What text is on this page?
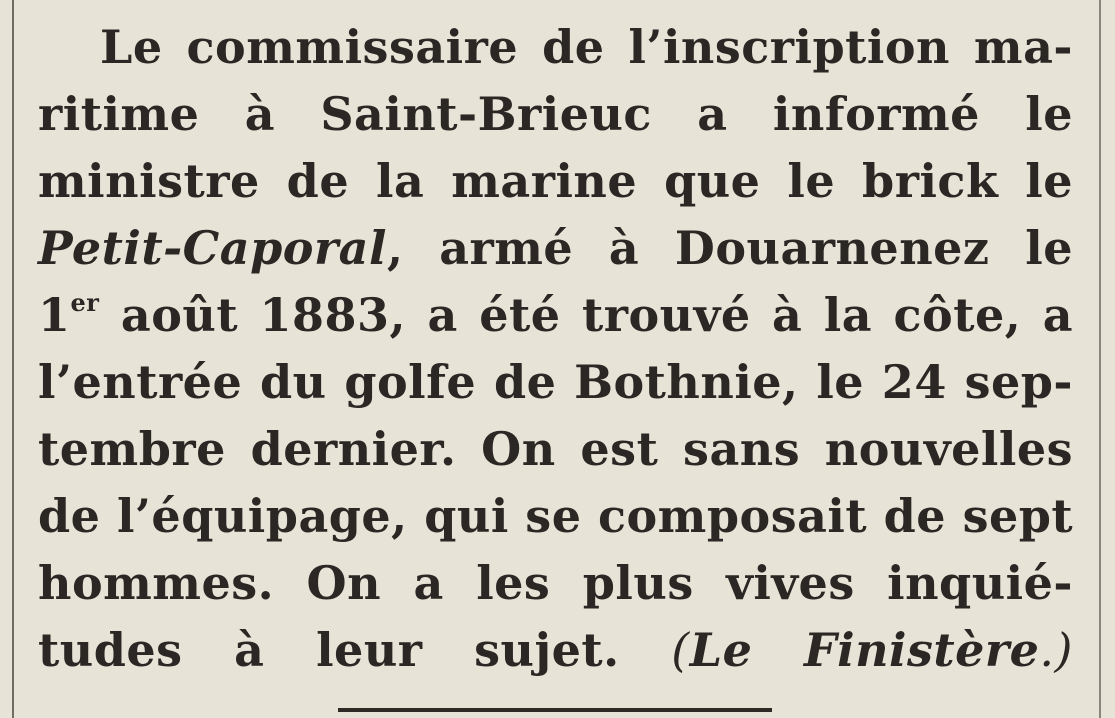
Le commissaire de l’inscription ma-
ritime à Saint-Brieuc a informé le
ministre de la marine que le brick le
Petit-Caporal, armé à Douarnenez le
1er août 1883, a été trouvé à la côte, a
l’entrée du golfe de Bothnie, le 24 sep-
tembre dernier. On est sans nouvelles
de l’équipage, qui se composait de sept
hommes. On a les plus vives inquié-
tudes à leur sujet. (Le Finistère.)
